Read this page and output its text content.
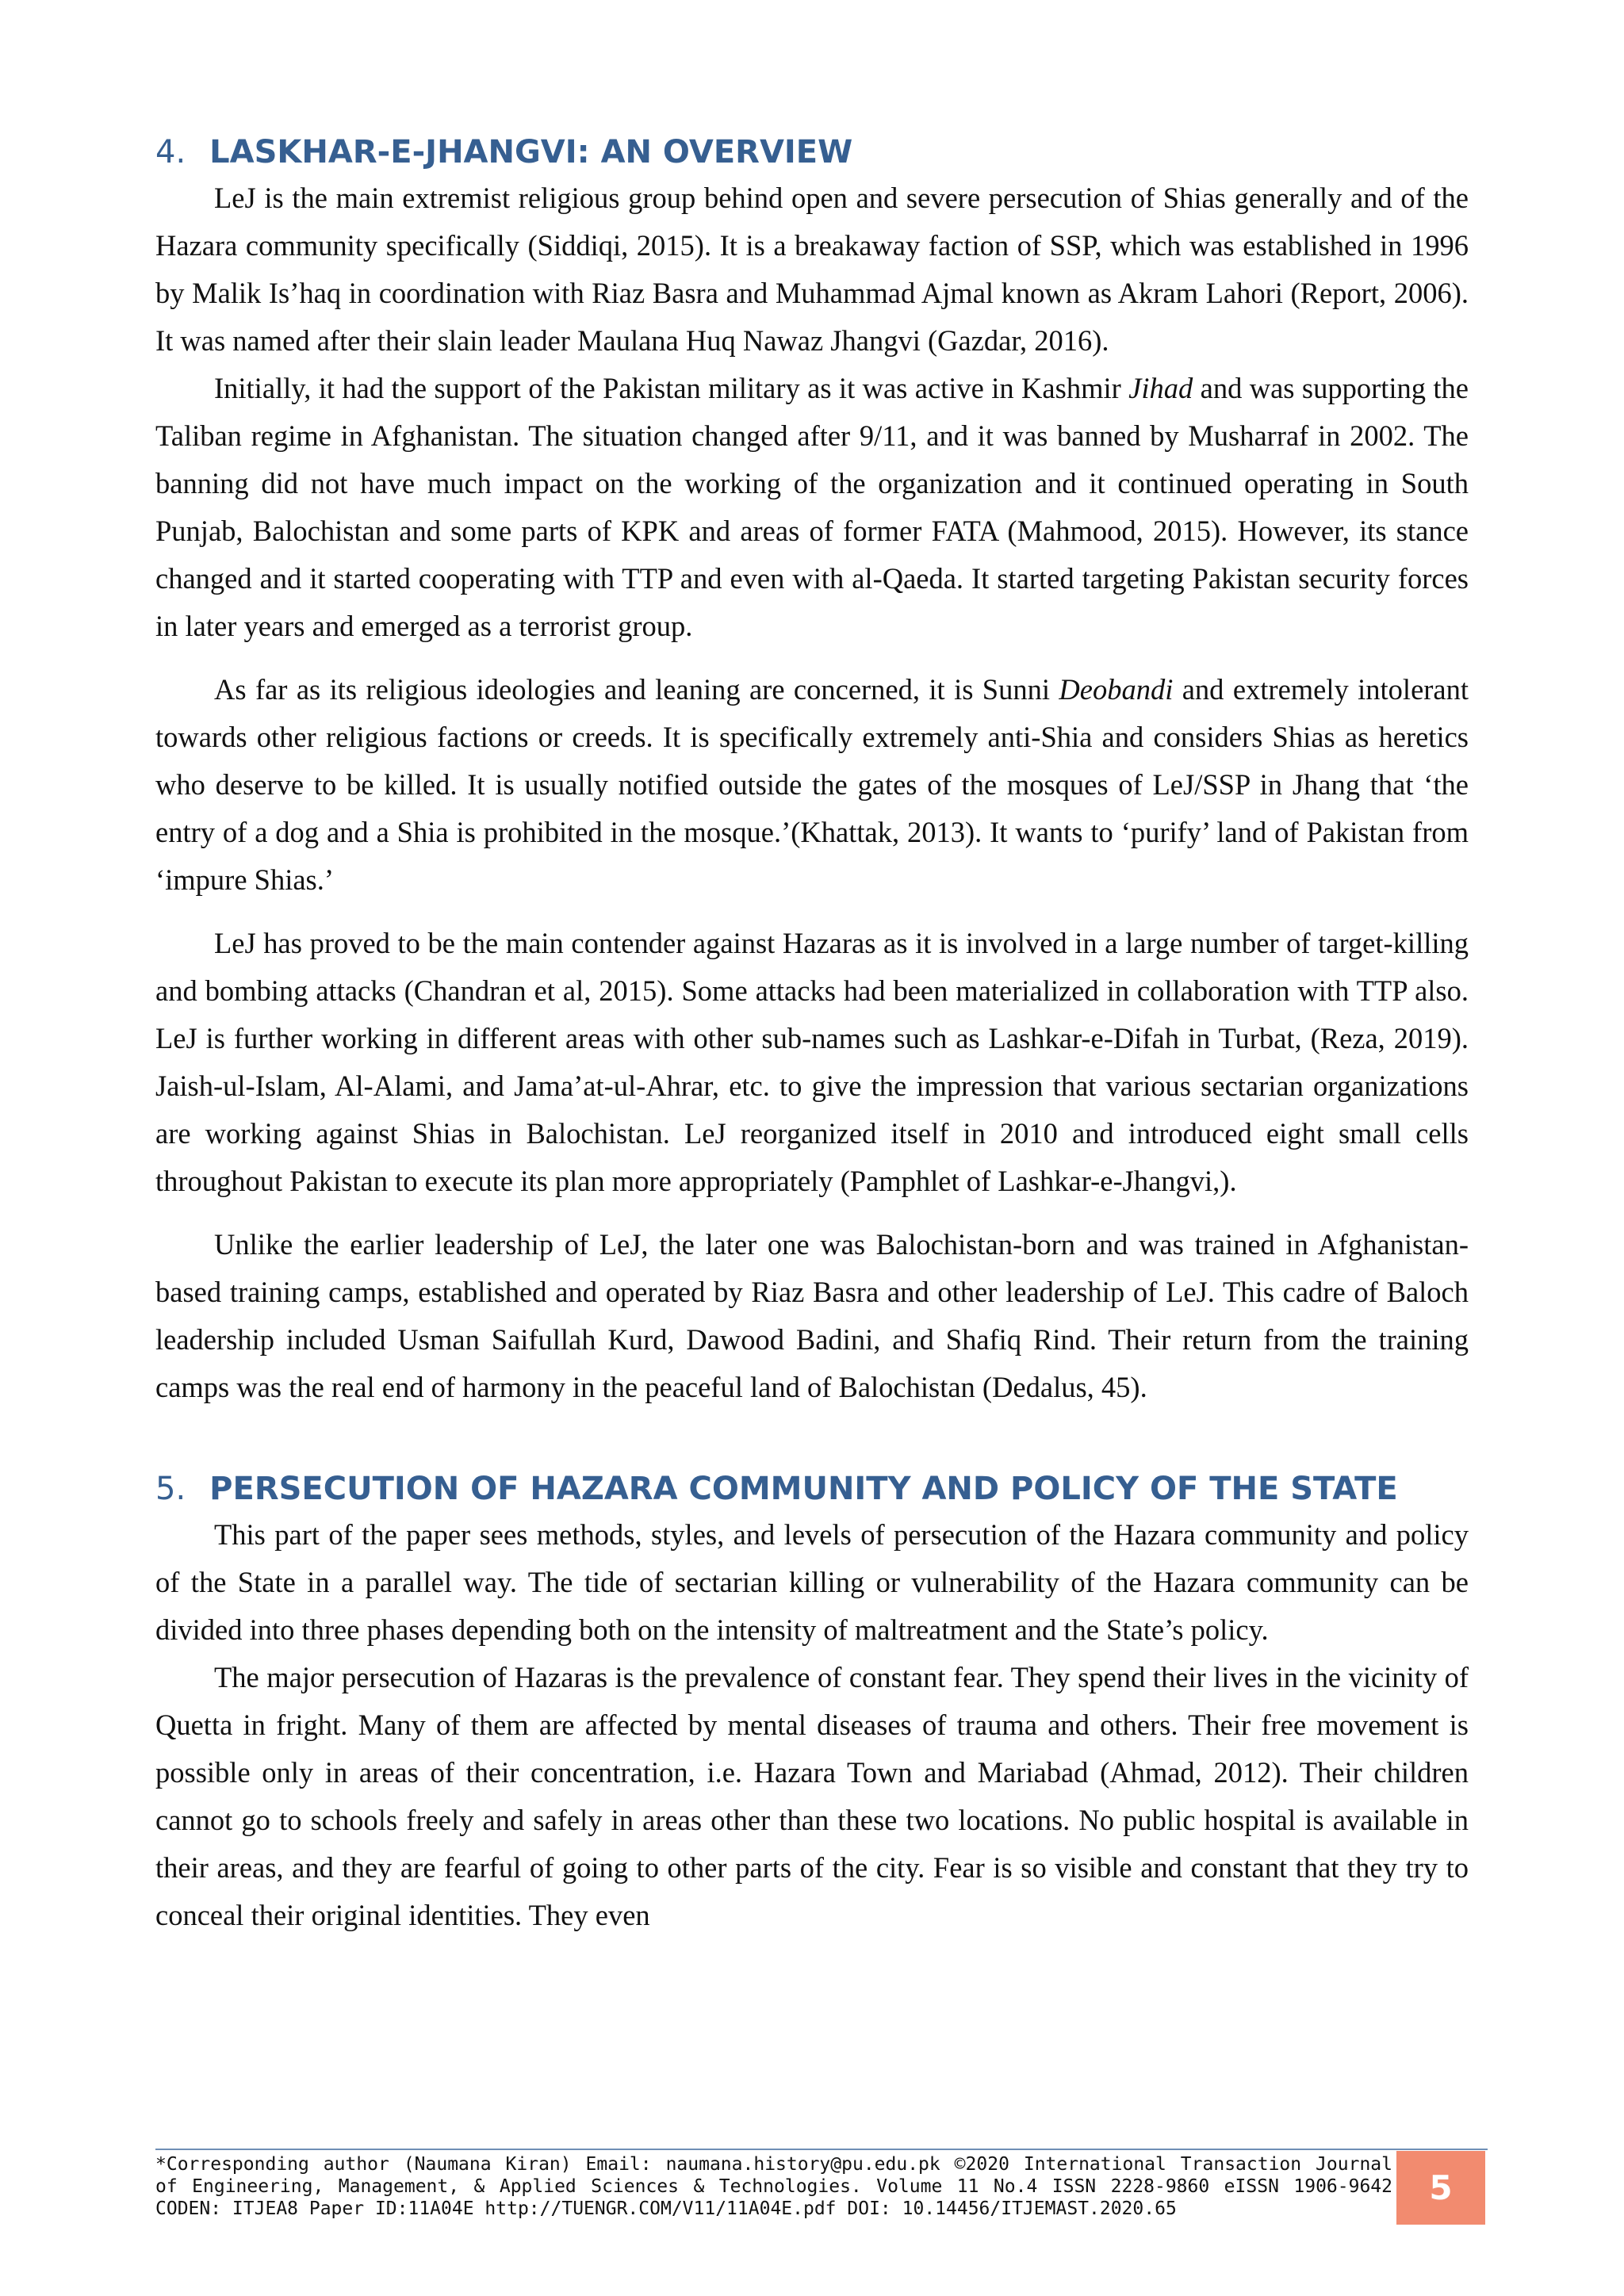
4. LASKHAR-E-JHANGVI: AN OVERVIEW

LeJ is the main extremist religious group behind open and severe persecution of Shias generally and of the Hazara community specifically (Siddiqi, 2015). It is a breakaway faction of SSP, which was established in 1996 by Malik Is’haq in coordination with Riaz Basra and Muhammad Ajmal known as Akram Lahori (Report, 2006). It was named after their slain leader Maulana Huq Nawaz Jhangvi (Gazdar, 2016).

Initially, it had the support of the Pakistan military as it was active in Kashmir Jihad and was supporting the Taliban regime in Afghanistan. The situation changed after 9/11, and it was banned by Musharraf in 2002. The banning did not have much impact on the working of the organization and it continued operating in South Punjab, Balochistan and some parts of KPK and areas of former FATA (Mahmood, 2015). However, its stance changed and it started cooperating with TTP and even with al-Qaeda. It started targeting Pakistan security forces in later years and emerged as a terrorist group.

As far as its religious ideologies and leaning are concerned, it is Sunni Deobandi and extremely intolerant towards other religious factions or creeds. It is specifically extremely anti-Shia and considers Shias as heretics who deserve to be killed. It is usually notified outside the gates of the mosques of LeJ/SSP in Jhang that ‘the entry of a dog and a Shia is prohibited in the mosque.’(Khattak, 2013). It wants to ‘purify’ land of Pakistan from ‘impure Shias.’

LeJ has proved to be the main contender against Hazaras as it is involved in a large number of target-killing and bombing attacks (Chandran et al, 2015). Some attacks had been materialized in collaboration with TTP also. LeJ is further working in different areas with other sub-names such as Lashkar-e-Difah in Turbat, (Reza, 2019). Jaish-ul-Islam, Al-Alami, and Jama’at-ul-Ahrar, etc. to give the impression that various sectarian organizations are working against Shias in Balochistan. LeJ reorganized itself in 2010 and introduced eight small cells throughout Pakistan to execute its plan more appropriately (Pamphlet of Lashkar-e-Jhangvi,).

Unlike the earlier leadership of LeJ, the later one was Balochistan-born and was trained in Afghanistan-based training camps, established and operated by Riaz Basra and other leadership of LeJ. This cadre of Baloch leadership included Usman Saifullah Kurd, Dawood Badini, and Shafiq Rind. Their return from the training camps was the real end of harmony in the peaceful land of Balochistan (Dedalus, 45).

5. PERSECUTION OF HAZARA COMMUNITY AND POLICY OF THE STATE

This part of the paper sees methods, styles, and levels of persecution of the Hazara community and policy of the State in a parallel way. The tide of sectarian killing or vulnerability of the Hazara community can be divided into three phases depending both on the intensity of maltreatment and the State’s policy.

The major persecution of Hazaras is the prevalence of constant fear. They spend their lives in the vicinity of Quetta in fright. Many of them are affected by mental diseases of trauma and others. Their free movement is possible only in areas of their concentration, i.e. Hazara Town and Mariabad (Ahmad, 2012). Their children cannot go to schools freely and safely in areas other than these two locations. No public hospital is available in their areas, and they are fearful of going to other parts of the city. Fear is so visible and constant that they try to conceal their original identities. They even

*Corresponding author (Naumana Kiran) Email: naumana.history@pu.edu.pk ©2020 International Transaction Journal of Engineering, Management, & Applied Sciences & Technologies. Volume 11 No.4 ISSN 2228-9860 eISSN 1906-9642 CODEN: ITJEA8 Paper ID:11A04E http://TUENGR.COM/V11/11A04E.pdf DOI: 10.14456/ITJEMAST.2020.65
5
